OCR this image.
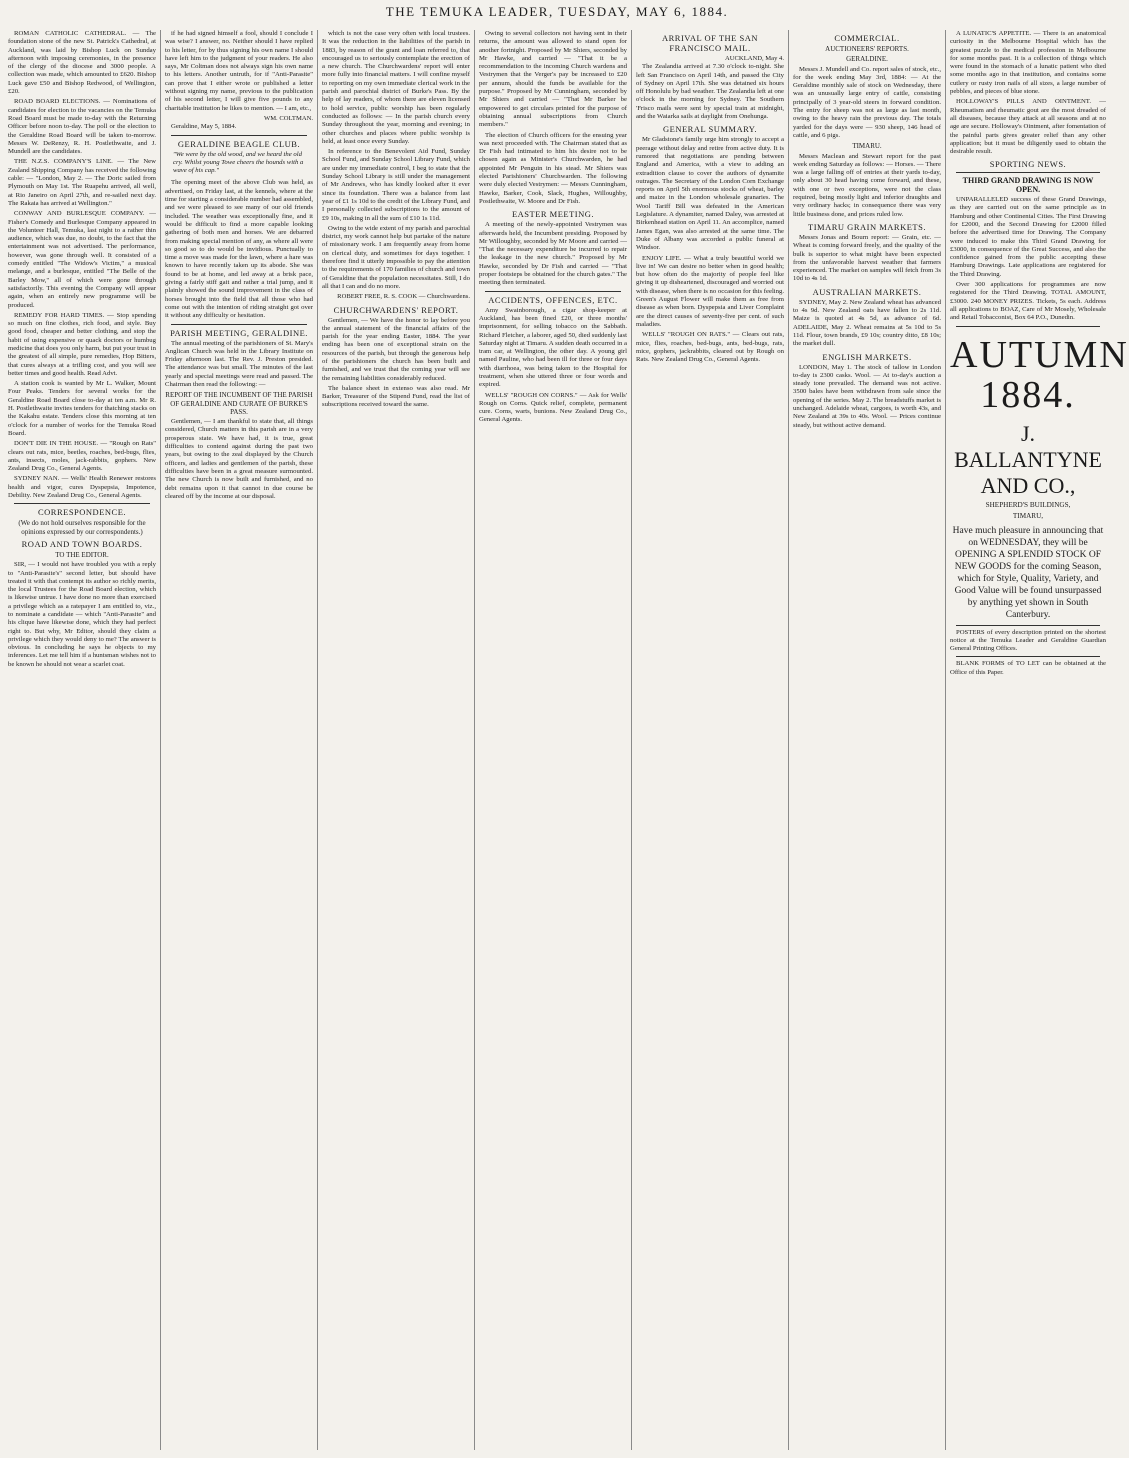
THE TEMUKA LEADER, TUESDAY, MAY 6, 1884.

ROMAN CATHOLIC CATHEDRAL. — The foundation stone of the new St. Patrick's Cathedral, at Auckland, was laid by Bishop Luck on Sunday afternoon with imposing ceremonies, in the presence of the clergy of the diocese and 3000 people. A collection was made, which amounted to £620. Bishop Luck gave £50 and Bishop Redwood, of Wellington, £20.

ROAD BOARD ELECTIONS. — Nominations of candidates for election to the vacancies on the Temuka Road Board must be made to-day with the Returning Officer before noon to-day. The poll or the election to the Geraldine Road Board will be taken to-morrow. Messrs W. DeRenzy, R. H. Postlethwaite, and J. Mundell are the candidates.

THE N.Z.S. COMPANY'S LINE. — The New Zealand Shipping Company has received the following cable: — "London, May 2. — The Doric sailed from Plymouth on May 1st. The Ruapehu arrived, all well, at Rio Janeiro on April 27th, and re-sailed next day. The Rakaia has arrived at Wellington."

CONWAY AND BURLESQUE COMPANY. — Fisher's Comedy and Burlesque Company appeared in the Volunteer Hall, Temuka, last night to a rather thin audience, which was due, no doubt, to the fact that the entertainment was not advertised. The performance, however, was gone through well. It consisted of a comedy entitled "The Widow's Victim," a musical melange, and a burlesque, entitled "The Belle of the Barley Mow," all of which were gone through satisfactorily. This evening the Company will appear again, when an entirely new programme will be produced.

REMEDY FOR HARD TIMES. — Stop spending so much on fine clothes, rich food, and style. Buy good food, cheaper and better clothing, and stop the habit of using expensive or quack doctors or humbug medicine that does you only harm, but put your trust in the greatest of all simple, pure remedies, Hop Bitters, that cures always at a trifling cost, and you will see better times and good health. Read Advt.

A station cook is wanted by Mr L. Walker, Mount Four Peaks. Tenders for several works for the Geraldine Road Board close to-day at ten a.m. Mr R. H. Postlethwaite invites tenders for thatching stacks on the Kakahu estate. Tenders close this morning at ten o'clock for a number of works for the Temuka Road Board.

DON'T DIE IN THE HOUSE. — "Rough on Rats" clears out rats, mice, beetles, roaches, bed-bugs, flies, ants, insects, moles, jack-rabbits, gophers. New Zealand Drug Co., General Agents.

SYDNEY NAN. — Wells' Health Renewer restores health and vigor, cures Dyspepsia, Impotence, Debility. New Zealand Drug Co., General Agents.

CORRESPONDENCE.
(We do not hold ourselves responsible for the opinions expressed by our correspondents.)
ROAD AND TOWN BOARDS.
TO THE EDITOR.

SIR, — I would not have troubled you with a reply to "Anti-Parasite's" second letter, but should have treated it with that contempt its author so richly merits, the local Trustees for the Road Board election, which is likewise untrue. I have done no more than exercised a privilege which as a ratepayer I am entitled to, viz., to nominate a candidate — which "Anti-Parasite" and his clique have likewise done, which they had perfect right to. But why, Mr Editor, should they claim a privilege which they would deny to me? The answer is obvious. In concluding he says he objects to my inferences. Let me tell him if a huntsman wishes not to be known he should not wear a scarlet coat.

if he had signed himself a fool, should I conclude I was wise? I answer, no. Neither should I have replied to his letter, for by thus signing his own name I should have left him to the judgment of your readers. He also says, Mr Coltman does not always sign his own name to his letters. Another untruth, for if "Anti-Parasite" can prove that I either wrote or published a letter without signing my name, previous to the publication of his second letter, I will give five pounds to any charitable institution he likes to mention. — I am, etc.,

WM. COLTMAN.

Geraldine, May 5, 1884.

GERALDINE BEAGLE CLUB.

"We were by the old wood, and we heard the old cry. Whilst young Towe cheers the hounds with a wave of his cap."

The opening meet of the above Club was held, as advertised, on Friday last, at the kennels, where at the time for starting a considerable number had assembled, and we were pleased to see many of our old friends included. The weather was exceptionally fine, and it would be difficult to find a more capable looking gathering of both men and horses. We are debarred from making special mention of any, as where all were so good so to do would be invidious. Punctually to time a move was made for the lawn, where a hare was known to have recently taken up its abode. She was found to be at home, and led away at a brisk pace, giving a fairly stiff gait and rather a trial jump, and it plainly showed the sound improvement in the class of horses brought into the field that all those who had come out with the intention of riding straight got over it without any difficulty or hesitation.

PARISH MEETING, GERALDINE.

The annual meeting of the parishioners of St. Mary's Anglican Church was held in the Library Institute on Friday afternoon last. The Rev. J. Preston presided. The attendance was but small. The minutes of the last yearly and special meetings were read and passed. The Chairman then read the following: —

REPORT OF THE INCUMBENT OF THE PARISH OF GERALDINE AND CURATE OF BURKE'S PASS.

Gentlemen, — I am thankful to state that, all things considered, Church matters in this parish are in a very prosperous state. We have had, it is true, great difficulties to contend against during the past two years, but owing to the zeal displayed by the Church officers, and ladies and gentlemen of the parish, these difficulties have been in a great measure surmounted. The new Church is now built and furnished, and no debt remains upon it that cannot in due course be cleared off by the income at our disposal.

which is not the case very often with local trustees. It was the reduction in the liabilities of the parish in 1883, by reason of the grant and loan referred to, that encouraged us to seriously contemplate the erection of a new church. The Churchwardens' report will enter more fully into financial matters. I will confine myself to reporting on my own immediate clerical work in the parish and parochial district of Burke's Pass. By the help of lay readers, of whom there are eleven licensed to hold service, public worship has been regularly conducted as follows: — In the parish church every Sunday throughout the year, morning and evening; in other churches and places where public worship is held, at least once every Sunday.

In reference to the Benevolent Aid Fund, Sunday School Fund, and Sunday School Library Fund, which are under my immediate control, I beg to state that the Sunday School Library is still under the management of Mr Andrews, who has kindly looked after it ever since its foundation. There was a balance from last year of £1 1s 10d to the credit of the Library Fund, and I personally collected subscriptions to the amount of £9 10s, making in all the sum of £10 1s 11d.

Owing to the wide extent of my parish and parochial district, my work cannot help but partake of the nature of missionary work. I am frequently away from home on clerical duty, and sometimes for days together. I therefore find it utterly impossible to pay the attention to the requirements of 170 families of church and town of Geraldine that the population necessitates. Still, I do all that I can and do no more.

ROBERT FREE, R. S. COOK — Churchwardens.
CHURCHWARDENS' REPORT.

Gentlemen, — We have the honor to lay before you the annual statement of the financial affairs of the parish for the year ending Easter, 1884. The year ending has been one of exceptional strain on the resources of the parish, but through the generous help of the parishioners the church has been built and furnished, and we trust that the coming year will see the remaining liabilities considerably reduced.

The balance sheet in extenso was also read. Mr Barker, Treasurer of the Stipend Fund, read the list of subscriptions received toward the same.

Owing to several collectors not having sent in their returns, the amount was allowed to stand open for another fortnight. Proposed by Mr Shiers, seconded by Mr Hawke, and carried — "That it be a recommendation to the incoming Church wardens and Vestrymen that the Verger's pay be increased to £20 per annum, should the funds be available for the purpose." Proposed by Mr Cunningham, seconded by Mr Shiers and carried — "That Mr Barker be empowered to get circulars printed for the purpose of obtaining annual subscriptions from Church members."

The election of Church officers for the ensuing year was next proceeded with. The Chairman stated that as Dr Fish had intimated to him his desire not to be chosen again as Minister's Churchwarden, he had appointed Mr Penguin in his stead. Mr Shiers was elected Parishioners' Churchwarden. The following were duly elected Vestrymen: — Messrs Cunningham, Hawke, Barker, Cook, Slack, Hughes, Willoughby, Postlethwaite, W. Moore and Dr Fish.

EASTER MEETING.

A meeting of the newly-appointed Vestrymen was afterwards held, the Incumbent presiding. Proposed by Mr Willoughby, seconded by Mr Moore and carried — "That the necessary expenditure be incurred to repair the leakage in the new church." Proposed by Mr Hawke, seconded by Dr Fish and carried — "That proper footsteps be obtained for the church gates." The meeting then terminated.

ACCIDENTS, OFFENCES, ETC.

Amy Swainborough, a cigar shop-keeper at Auckland, has been fined £20, or three months' imprisonment, for selling tobacco on the Sabbath. Richard Fletcher, a laborer, aged 50, died suddenly last Saturday night at Timaru. A sudden death occurred in a tram car, at Wellington, the other day. A young girl named Pauline, who had been ill for three or four days with diarrhoea, was being taken to the Hospital for treatment, when she uttered three or four words and expired.

WELLS' "ROUGH ON CORNS." — Ask for Wells' Rough on Corns. Quick relief, complete, permanent cure. Corns, warts, bunions. New Zealand Drug Co., General Agents.

ARRIVAL OF THE SAN FRANCISCO MAIL.
AUCKLAND, May 4.

The Zealandia arrived at 7.30 o'clock to-night. She left San Francisco on April 14th, and passed the City of Sydney on April 17th. She was detained six hours off Honolulu by bad weather. The Zealandia left at one o'clock in the morning for Sydney. The Southern 'Frisco mails were sent by special train at midnight, and the Waiarka sails at daylight from Onehunga.

GENERAL SUMMARY.

Mr Gladstone's family urge him strongly to accept a peerage without delay and retire from active duty. It is rumored that negotiations are pending between England and America, with a view to adding an extradition clause to cover the authors of dynamite outrages. The Secretary of the London Corn Exchange reports on April 5th enormous stocks of wheat, barley and maize in the London wholesale granaries. The Wool Tariff Bill was defeated in the American Legislature. A dynamiter, named Daley, was arrested at Birkenhead station on April 11. An accomplice, named James Egan, was also arrested at the same time. The Duke of Albany was accorded a public funeral at Windsor.

ENJOY LIFE. — What a truly beautiful world we live in! We can desire no better when in good health; but how often do the majority of people feel like giving it up disheartened, discouraged and worried out with disease, when there is no occasion for this feeling. Green's August Flower will make them as free from disease as when born. Dyspepsia and Liver Complaint are the direct causes of seventy-five per cent. of such maladies.

WELLS' "ROUGH ON RATS." — Clears out rats, mice, flies, roaches, bed-bugs, ants, bed-bugs, rats, mice, gophers, jackrabbits, cleared out by Rough on Rats. New Zealand Drug Co., General Agents.

COMMERCIAL.
AUCTIONEERS' REPORTS.
GERALDINE.

Messrs J. Mundell and Co. report sales of stock, etc., for the week ending May 3rd, 1884: — At the Geraldine monthly sale of stock on Wednesday, there was an unusually large entry of cattle, consisting principally of 3 year-old steers in forward condition. The entry for sheep was not as large as last month, owing to the heavy rain the previous day. The totals yarded for the days were — 930 sheep, 146 head of cattle, and 6 pigs.

TIMARU.

Messrs Maclean and Stewart report for the past week ending Saturday as follows: — Horses. — There was a large falling off of entries at their yards to-day, only about 30 head having come forward, and these, with one or two exceptions, were not the class required, being mostly light and inferior draughts and very ordinary hacks; in consequence there was very little business done, and prices ruled low.

TIMARU GRAIN MARKETS.

Messrs Jonas and Bourn report: — Grain, etc. — Wheat is coming forward freely, and the quality of the bulk is superior to what might have been expected from the unfavorable harvest weather that farmers experienced. The market on samples will fetch from 3s 10d to 4s 1d.

AUSTRALIAN MARKETS.

SYDNEY, May 2. New Zealand wheat has advanced to 4s 9d. New Zealand oats have fallen to 2s 11d. Maize is quoted at 4s 5d, as advance of 6d. ADELAIDE, May 2. Wheat remains at 5s 10d to 5s 11d. Flour, town brands, £9 10s; country ditto, £8 10s; the market dull.

ENGLISH MARKETS.

LONDON, May 1. The stock of tallow in London to-day is 2300 casks. Wool. — At to-day's auction a steady tone prevailed. The demand was not active. 3500 bales have been withdrawn from sale since the opening of the series. May 2. The breadstuffs market is unchanged. Adelaide wheat, cargoes, is worth 43s, and New Zealand at 39s to 40s. Wool. — Prices continue steady, but without active demand.

A LUNATIC'S APPETITE. — There is an anatomical curiosity in the Melbourne Hospital which has the greatest puzzle to the medical profession in Melbourne for some months past. It is a collection of things which were found in the stomach of a lunatic patient who died some months ago in that institution, and contains some cutlery or rusty iron nails of all sizes, a large number of pebbles, and pieces of blue stone.

HOLLOWAY'S PILLS AND OINTMENT. — Rheumatism and rheumatic gout are the most dreaded of all diseases, because they attack at all seasons and at no age are secure. Holloway's Ointment, after fomentation of the painful parts gives greater relief than any other application; but it must be diligently used to obtain the desirable result.

SPORTING NEWS.
THIRD GRAND DRAWING IS NOW OPEN.

UNPARALLELED success of these Grand Drawings, as they are carried out on the same principle as in Hamburg and other Continental Cities. The First Drawing for £2000, and the Second Drawing for £2000 filled before the advertised time for Drawing. The Company were induced to make this Third Grand Drawing for £3000, in consequence of the Great Success, and also the confidence gained from the public accepting these Hamburg Drawings. Late applications are registered for the Third Drawing.

Over 300 applications for programmes are now registered for the Third Drawing. TOTAL AMOUNT, £3000. 240 MONEY PRIZES. Tickets, 5s each. Address all applications to BOAZ, Care of Mr Mosely, Wholesale and Retail Tobacconist, Box 64 P.O., Dunedin.

AUTUMN 1884.
J. BALLANTYNE AND CO.,
SHEPHERD'S BUILDINGS,
TIMARU,
Have much pleasure in announcing that on WEDNESDAY, they will be OPENING A SPLENDID STOCK OF NEW GOODS for the coming Season, which for Style, Quality, Variety, and Good Value will be found unsurpassed by anything yet shown in South Canterbury.

POSTERS of every description printed on the shortest notice at the Temuka Leader and Geraldine Guardian General Printing Offices.

BLANK FORMS of TO LET can be obtained at the Office of this Paper.
